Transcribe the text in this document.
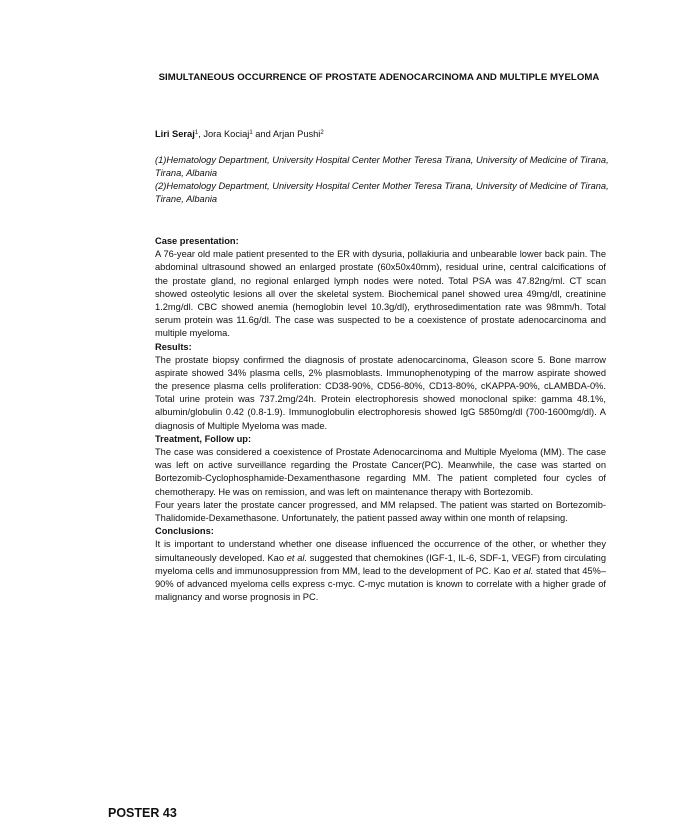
SIMULTANEOUS OCCURRENCE OF PROSTATE ADENOCARCINOMA AND MULTIPLE MYELOMA
Liri Seraj$^1$, Jora Kociaj$^1$ and Arjan Pushi$^2$

(1)Hematology Department, University Hospital Center Mother Teresa Tirana, University of Medicine of Tirana, Tirana, Albania

(2)Hematology Department, University Hospital Center Mother Teresa Tirana, University of Medicine of Tirana, Tirane, Albania

Case presentation:

A 76-year old male patient presented to the ER with dysuria, pollakiuria and unbearable lower back pain. The abdominal ultrasound showed an enlarged prostate (60x50x40mm), residual urine, central calcifications of the prostate gland, no regional enlarged lymph nodes were noted. Total PSA was 47.82ng/ml. CT scan showed osteolytic lesions all over the skeletal system. Biochemical panel showed urea 49mg/dl, creatinine 1.2mg/dl. CBC showed anemia (hemoglobin level 10.3g/dl), erythrosedimentation rate was 98mm/h. Total serum protein was 11.6g/dl. The case was suspected to be a coexistence of prostate adenocarcinoma and multiple myeloma.

Results:

The prostate biopsy confirmed the diagnosis of prostate adenocarcinoma, Gleason score 5. Bone marrow aspirate showed 34% plasma cells, 2% plasmoblasts. Immunophenotyping of the marrow aspirate showed the presence plasma cells proliferation: CD38-90%, CD56-80%, CD13-80%, cKAPPA-90%, cLAMBDA-0%. Total urine protein was 737.2mg/24h. Protein electrophoresis showed monoclonal spike: gamma 48.1%, albumin/globulin 0.42 (0.8-1.9). Immunoglobulin electrophoresis showed IgG 5850mg/dl (700-1600mg/dl). A diagnosis of Multiple Myeloma was made.

Treatment, Follow up:

The case was considered a coexistence of Prostate Adenocarcinoma and Multiple Myeloma (MM). The case was left on active surveillance regarding the Prostate Cancer(PC). Meanwhile, the case was started on Bortezomib-Cyclophosphamide-Dexamenthasone regarding MM. The patient completed four cycles of chemotherapy. He was on remission, and was left on maintenance therapy with Bortezomib.

Four years later the prostate cancer progressed, and MM relapsed. The patient was started on Bortezomib-Thalidomide-Dexamethasone. Unfortunately, the patient passed away within one month of relapsing.

Conclusions:

It is important to understand whether one disease influenced the occurrence of the other, or whether they simultaneously developed. Kao et al. suggested that chemokines (IGF-1, IL-6, SDF-1, VEGF) from circulating myeloma cells and immunosuppression from MM, lead to the development of PC. Kao et al. stated that 45%–90% of advanced myeloma cells express c-myc. C-myc mutation is known to correlate with a higher grade of malignancy and worse prognosis in PC.

POSTER 43
